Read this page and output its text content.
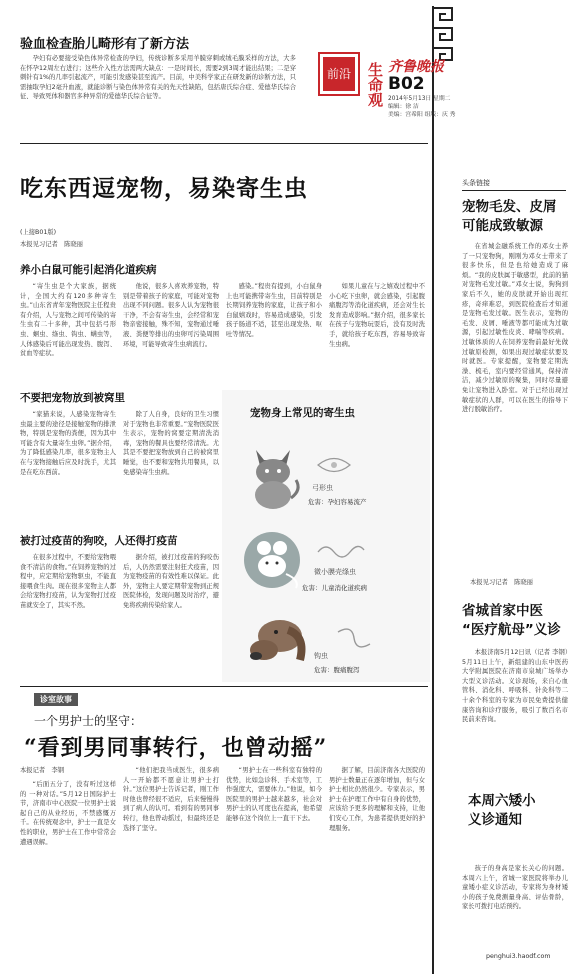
验血检查胎儿畸形有了新方法

孕妇有必要接受染色体异常检查的孕妇，传统诊断多采用羊膜穿刺或绒毛膜采样的方法，大多在怀孕12周左右进行；这些介入性方法需两大缺点：一是时间长，需要2到3周才能出结果；二是穿刺针有1%的几率引起流产，可能引发感染甚至流产。目前，中美科学家正在研发新的诊断方法，只需抽取孕妇2毫升血液，就能诊断与染色体异常有关的先天性缺陷，包括唐氏综合症、爱德华氏综合征、导致死体和器官多种异常的爱德华氏综合征等。

前沿 生命观 齐鲁晚报
B02
2014年5月13日 星期二
编辑：徐 洁
美编：宫希阳 组版：庆 秀
吃东西逗宠物，易染寄生虫
(上接B01版)
本报见习记者　陈晓丽
养小白鼠可能引起消化道疾病

“寄生虫是个大家族，据统计，全国大约有120多种寄生虫。”山东省青年宠物医院主任程贵有介绍，人与宠物之间可传染的寄生虫有二十多种，其中包括弓形虫、蛔虫、绦虫、钩虫、螨虫等，人体感染后可能出现发热、腹泻、贫血等症状。

他说，很多人喜欢养宠物，特别是带着孩子的家庭，可能对宠物出现不同问题。很多人认为宠物很干净，不会有寄生虫，会经常和宠物亲密接触，殊不知，宠物通过唾液、粪便等排出的虫卵可污染周围环境，可能导致寄生虫病流行。

感染。”程贵有提到，小白鼠身上也可能携带寄生虫，目前特别是长期饲养宠物的家庭，让孩子和小白鼠嬉戏时，容易造成感染，引发孩子肠道不适，甚至出现发热、呕吐等情况。

如果儿童在与之嬉戏过程中不小心吃下虫卵，就会感染，引起腹痛腹泻等消化道疾病，还会对生长发育造成影响。”据介绍，很多家长在孩子与宠物玩耍后，没有及时洗手，就给孩子吃东西，容易导致寄生虫病。

不要把宠物放到被窝里

“家猫来说，人感染宠物寄生虫最主要的途径是接触宠物的排泄物，特别是宠物的粪便，因为其中可能含有大量寄生虫卵。”据介绍，为了降低感染几率，很多宠物主人在与宠物接触后应及时洗手，尤其是在吃东西前。

除了人自身，良好的卫生习惯对于宠物也非常重要。”宠物医院医生表示，宠物的窝要定期清洗消毒，宠物的餐具也要经常清洗。尤其是不要把宠物放到自己的被窝里睡觉，也不要和宠物共用餐具，以免感染寄生虫病。

被打过疫苗的狗咬，人还得打疫苗

在很多过程中，不要给宠物喂食不清洁的食物。”在饲养宠物的过程中，应定期给宠物驱虫，不能直接喂食生肉。现在很多宠物主人都会给宠物打疫苗，认为宠物打过疫苗就安全了，其实不然。

据介绍，被打过疫苗的狗咬伤后，人仍然需要注射狂犬疫苗，因为宠物疫苗的有效性难以保证。此外，宠物主人要定期带宠物到正规医院体检，发现问题及时治疗，避免将疾病传染给家人。

宠物身上常见的寄生虫
弓形虫
危害：孕妇容易流产
微小膜壳绦虫
危害：儿童消化道疾病
钩虫
危害：腹痛腹泻
诊室故事
一个男护士的坚守：
“看到男同事转行，也曾动摇”
本报记者　李钢

“后面五分了，没有听过这样的 一种对话。”5月12日国际护士节，济南市中心医院一位男护士说起自己的从业经历，不禁感慨万千。在传统观念中，护士一直是女性的职业，男护士在工作中常常会遭遇误解。

“他们把我当成医生，很多病人一开始都不愿意让男护士打针。”这位男护士告诉记者，刚工作时他也曾经很不适应，后来慢慢得到了病人的认可。看到有的男同事转行，他也曾动摇过，但最终还是选择了坚守。

“男护士在一些科室有独特的优势，比如急诊科、手术室等，工作强度大，需要体力。”他说，如今医院里的男护士越来越多，社会对男护士的认可度也在提高，他希望能够在这个岗位上一直干下去。

据了解，目前济南各大医院的男护士数量正在逐年增加，但与女护士相比仍然很少。专家表示，男护士在护理工作中有自身的优势，应该给予更多的理解和支持，让他们安心工作，为患者提供更好的护理服务。

头条链接
宠物毛发、皮屑
可能成致敏源

在省城金融系统工作的邓女士养了一只宠物狗，刚刚为邓女士带来了很多快乐，但是也给她造成了麻烦。“我的皮肤属于敏感型，此前的猫对宠物毛发过敏。”邓女士说，狗狗到家后不久，她的皮肤就开始出现红疹，奇痒难忍，到医院检查后才知道是宠物毛发过敏。医生表示，宠物的毛发、皮屑、唾液等都可能成为过敏源，引起过敏性皮炎、哮喘等疾病。过敏体质的人在饲养宠物前最好先做过敏原检测，如果出现过敏症状要及时就医。专家提醒，宠物要定期洗澡、梳毛，室内要经常通风，保持清洁，减少过敏原的聚集，同时尽量避免让宠物进入卧室。对于已经出现过敏症状的人群，可以在医生的指导下进行脱敏治疗。

本报见习记者　陈晓丽
省城首家中医
“医疗航母”义诊

本报济南5月12日讯（记者 李钢）5月11日上午，新组建的山东中医药大学附属医院在济南市泉城广场举办大型义诊活动。义诊现场，来自心血管科、消化科、呼吸科、针灸科等二十余个科室的专家为市民免费提供健康咨询和诊疗服务，吸引了数百名市民前来咨询。

本周六矮小
义诊通知

孩子的身高是家长关心的问题。本周六上午，省城一家医院将举办儿童矮小症义诊活动，专家将为身材矮小的孩子免费测量身高、评估骨龄，家长可拨打电话预约。

penghui3.haodf.com
